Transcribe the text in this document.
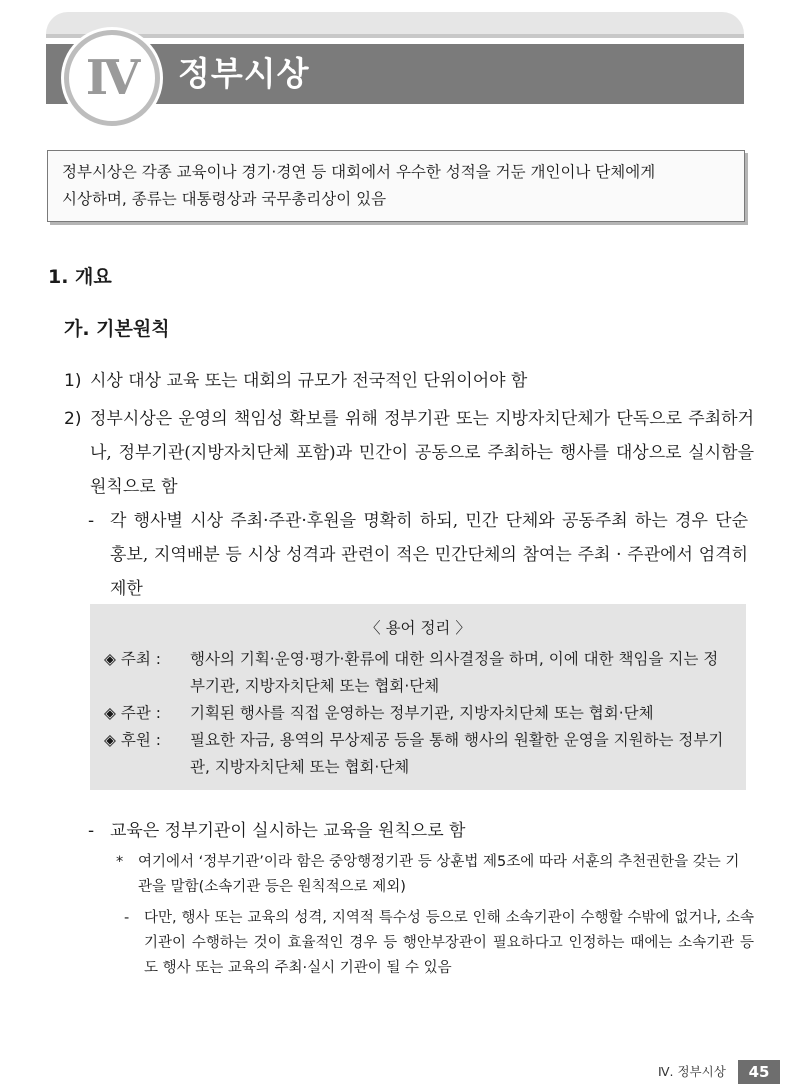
Ⅳ 정부시상

정부시상은 각종 교육이나 경기·경연 등 대회에서 우수한 성적을 거둔 개인이나 단체에게

시상하며, 종류는 대통령상과 국무총리상이 있음

1. 개요
가. 기본원칙
1) 시상 대상 교육 또는 대회의 규모가 전국적인 단위이어야 함
2) 정부시상은 운영의 책임성 확보를 위해 정부기관 또는 지방자치단체가 단독으로 주최하거나, 정부기관(지방자치단체 포함)과 민간이 공동으로 주최하는 행사를 대상으로 실시함을 원칙으로 함
- 각 행사별 시상 주최·주관·후원을 명확히 하되, 민간 단체와 공동주최 하는 경우 단순 홍보, 지역배분 등 시상 성격과 관련이 적은 민간단체의 참여는 주최 · 주관에서 엄격히 제한
〈 용어 정리 〉
◈ 주최 :	행사의 기획·운영·평가·환류에 대한 의사결정을 하며, 이에 대한 책임을 지는 정부기관, 지방자치단체 또는 협회·단체
◈ 주관 :	기획된 행사를 직접 운영하는 정부기관, 지방자치단체 또는 협회·단체
◈ 후원 :	필요한 자금, 용역의 무상제공 등을 통해 행사의 원활한 운영을 지원하는 정부기관, 지방자치단체 또는 협회·단체
- 교육은 정부기관이 실시하는 교육을 원칙으로 함
*	여기에서 ‘정부기관’이라 함은 중앙행정기관 등 상훈법 제5조에 따라 서훈의 추천권한을 갖는 기관을 말함(소속기관 등은 원칙적으로 제외)
-	다만, 행사 또는 교육의 성격, 지역적 특수성 등으로 인해 소속기관이 수행할 수밖에 없거나, 소속기관이 수행하는 것이 효율적인 경우 등 행안부장관이 필요하다고 인정하는 때에는 소속기관 등도 행사 또는 교육의 주최·실시 기관이 될 수 있음
Ⅳ. 정부시상	45
